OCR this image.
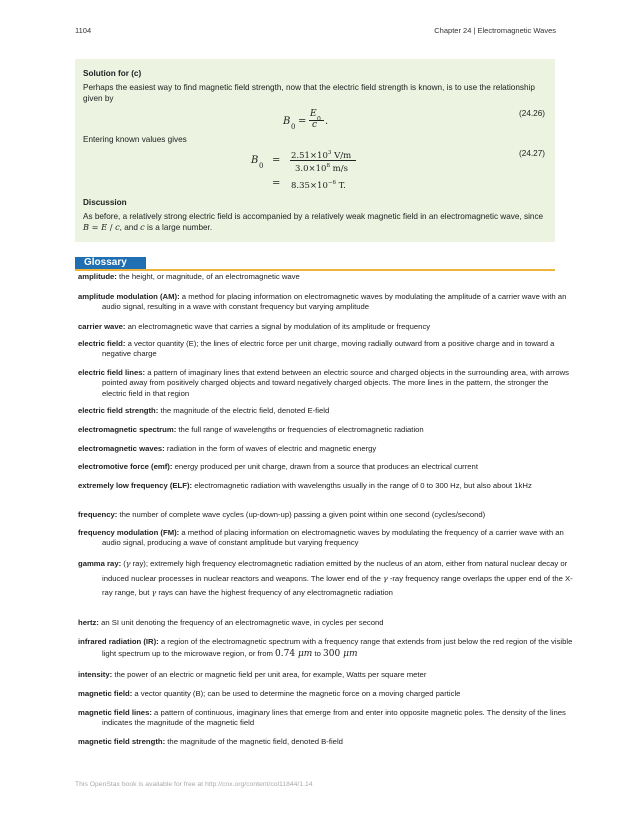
1104	Chapter 24 | Electromagnetic Waves
Solution for (c)
Perhaps the easiest way to find magnetic field strength, now that the electric field strength is known, is to use the relationship given by
B 0 =
E
0
c .
(24.26)
Entering known values gives
B $0 = 2.51\times 10^3$ V/m
$3.0\times 10^8$ m/s
= $8.35\times 10^{-6}$ T.
(24.27)
Discussion
As before, a relatively strong electric field is accompanied by a relatively weak magnetic field in an electromagnetic wave, since B = E / c, and c is a large number.
Glossary
amplitude: the height, or magnitude, of an electromagnetic wave
amplitude modulation (AM): a method for placing information on electromagnetic waves by modulating the amplitude of a carrier wave with an audio signal, resulting in a wave with constant frequency but varying amplitude
carrier wave: an electromagnetic wave that carries a signal by modulation of its amplitude or frequency
electric field: a vector quantity (E); the lines of electric force per unit charge, moving radially outward from a positive charge and in toward a negative charge
electric field lines: a pattern of imaginary lines that extend between an electric source and charged objects in the surrounding area, with arrows pointed away from positively charged objects and toward negatively charged objects. The more lines in the pattern, the stronger the electric field in that region
electric field strength: the magnitude of the electric field, denoted E-field
electromagnetic spectrum: the full range of wavelengths or frequencies of electromagnetic radiation
electromagnetic waves: radiation in the form of waves of electric and magnetic energy
electromotive force (emf): energy produced per unit charge, drawn from a source that produces an electrical current
extremely low frequency (ELF): electromagnetic radiation with wavelengths usually in the range of 0 to 300 Hz, but also about 1kHz
frequency: the number of complete wave cycles (up-down-up) passing a given point within one second (cycles/second)
frequency modulation (FM): a method of placing information on electromagnetic waves by modulating the frequency of a carrier wave with an audio signal, producing a wave of constant amplitude but varying frequency
gamma ray: (γ ray); extremely high frequency electromagnetic radiation emitted by the nucleus of an atom, either from natural nuclear decay or induced nuclear processes in nuclear reactors and weapons. The lower end of the γ -ray frequency range overlaps the upper end of the X-ray range, but γ rays can have the highest frequency of any electromagnetic radiation
hertz: an SI unit denoting the frequency of an electromagnetic wave, in cycles per second
infrared radiation (IR): a region of the electromagnetic spectrum with a frequency range that extends from just below the red region of the visible light spectrum up to the microwave region, or from 0.74 μm to 300 μm
intensity: the power of an electric or magnetic field per unit area, for example, Watts per square meter
magnetic field: a vector quantity (B); can be used to determine the magnetic force on a moving charged particle
magnetic field lines: a pattern of continuous, imaginary lines that emerge from and enter into opposite magnetic poles. The density of the lines indicates the magnitude of the magnetic field
magnetic field strength: the magnitude of the magnetic field, denoted B-field
This OpenStax book is available for free at http://cnx.org/content/col11844/1.14
